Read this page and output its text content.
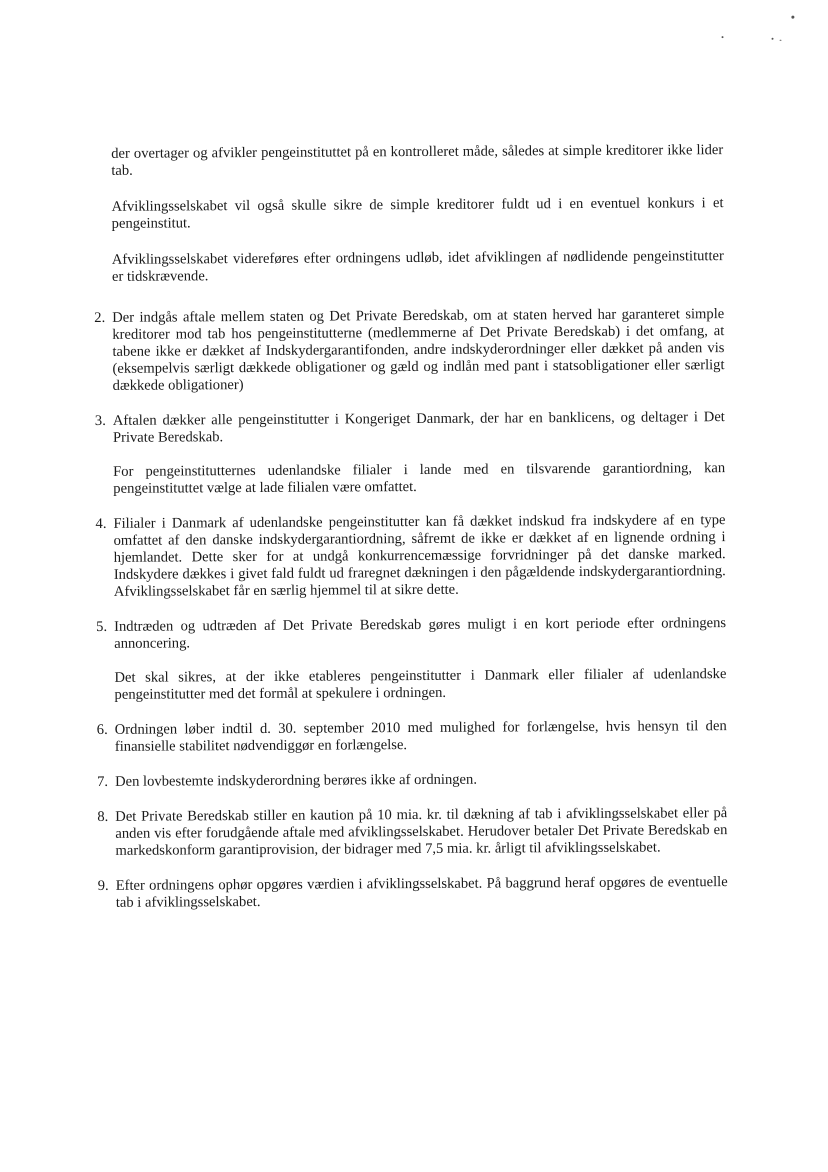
der overtager og afvikler pengeinstituttet på en kontrolleret måde, således at simple kreditorer ikke lider tab.

Afviklingsselskabet vil også skulle sikre de simple kreditorer fuldt ud i en eventuel konkurs i et pengeinstitut.

Afviklingsselskabet videreføres efter ordningens udløb, idet afviklingen af nødlidende pengeinstitutter er tidskrævende.

2. Der indgås aftale mellem staten og Det Private Beredskab, om at staten herved har garanteret simple kreditorer mod tab hos pengeinstitutterne (medlemmerne af Det Private Beredskab) i det omfang, at tabene ikke er dækket af Indskydergarantifonden, andre indskyderordninger eller dækket på anden vis (eksempelvis særligt dækkede obligationer og gæld og indlån med pant i statsobligationer eller særligt dækkede obligationer)

3. Aftalen dækker alle pengeinstitutter i Kongeriget Danmark, der har en banklicens, og deltager i Det Private Beredskab.

For pengeinstitutternes udenlandske filialer i lande med en tilsvarende garantiordning, kan pengeinstituttet vælge at lade filialen være omfattet.

4. Filialer i Danmark af udenlandske pengeinstitutter kan få dækket indskud fra indskydere af en type omfattet af den danske indskydergarantiordning, såfremt de ikke er dækket af en lignende ordning i hjemlandet. Dette sker for at undgå konkurrencemæssige forvridninger på det danske marked. Indskydere dækkes i givet fald fuldt ud fraregnet dækningen i den pågældende indskydergarantiordning. Afviklingsselskabet får en særlig hjemmel til at sikre dette.

5. Indtræden og udtræden af Det Private Beredskab gøres muligt i en kort periode efter ordningens annoncering.

Det skal sikres, at der ikke etableres pengeinstitutter i Danmark eller filialer af udenlandske pengeinstitutter med det formål at spekulere i ordningen.

6. Ordningen løber indtil d. 30. september 2010 med mulighed for forlængelse, hvis hensyn til den finansielle stabilitet nødvendiggør en forlængelse.

7. Den lovbestemte indskyderordning berøres ikke af ordningen.

8. Det Private Beredskab stiller en kaution på 10 mia. kr. til dækning af tab i afviklingsselskabet eller på anden vis efter forudgående aftale med afviklingsselskabet. Herudover betaler Det Private Beredskab en markedskonform garantiprovision, der bidrager med 7,5 mia. kr. årligt til afviklingsselskabet.

9. Efter ordningens ophør opgøres værdien i afviklingsselskabet. På baggrund heraf opgøres de eventuelle tab i afviklingsselskabet.
